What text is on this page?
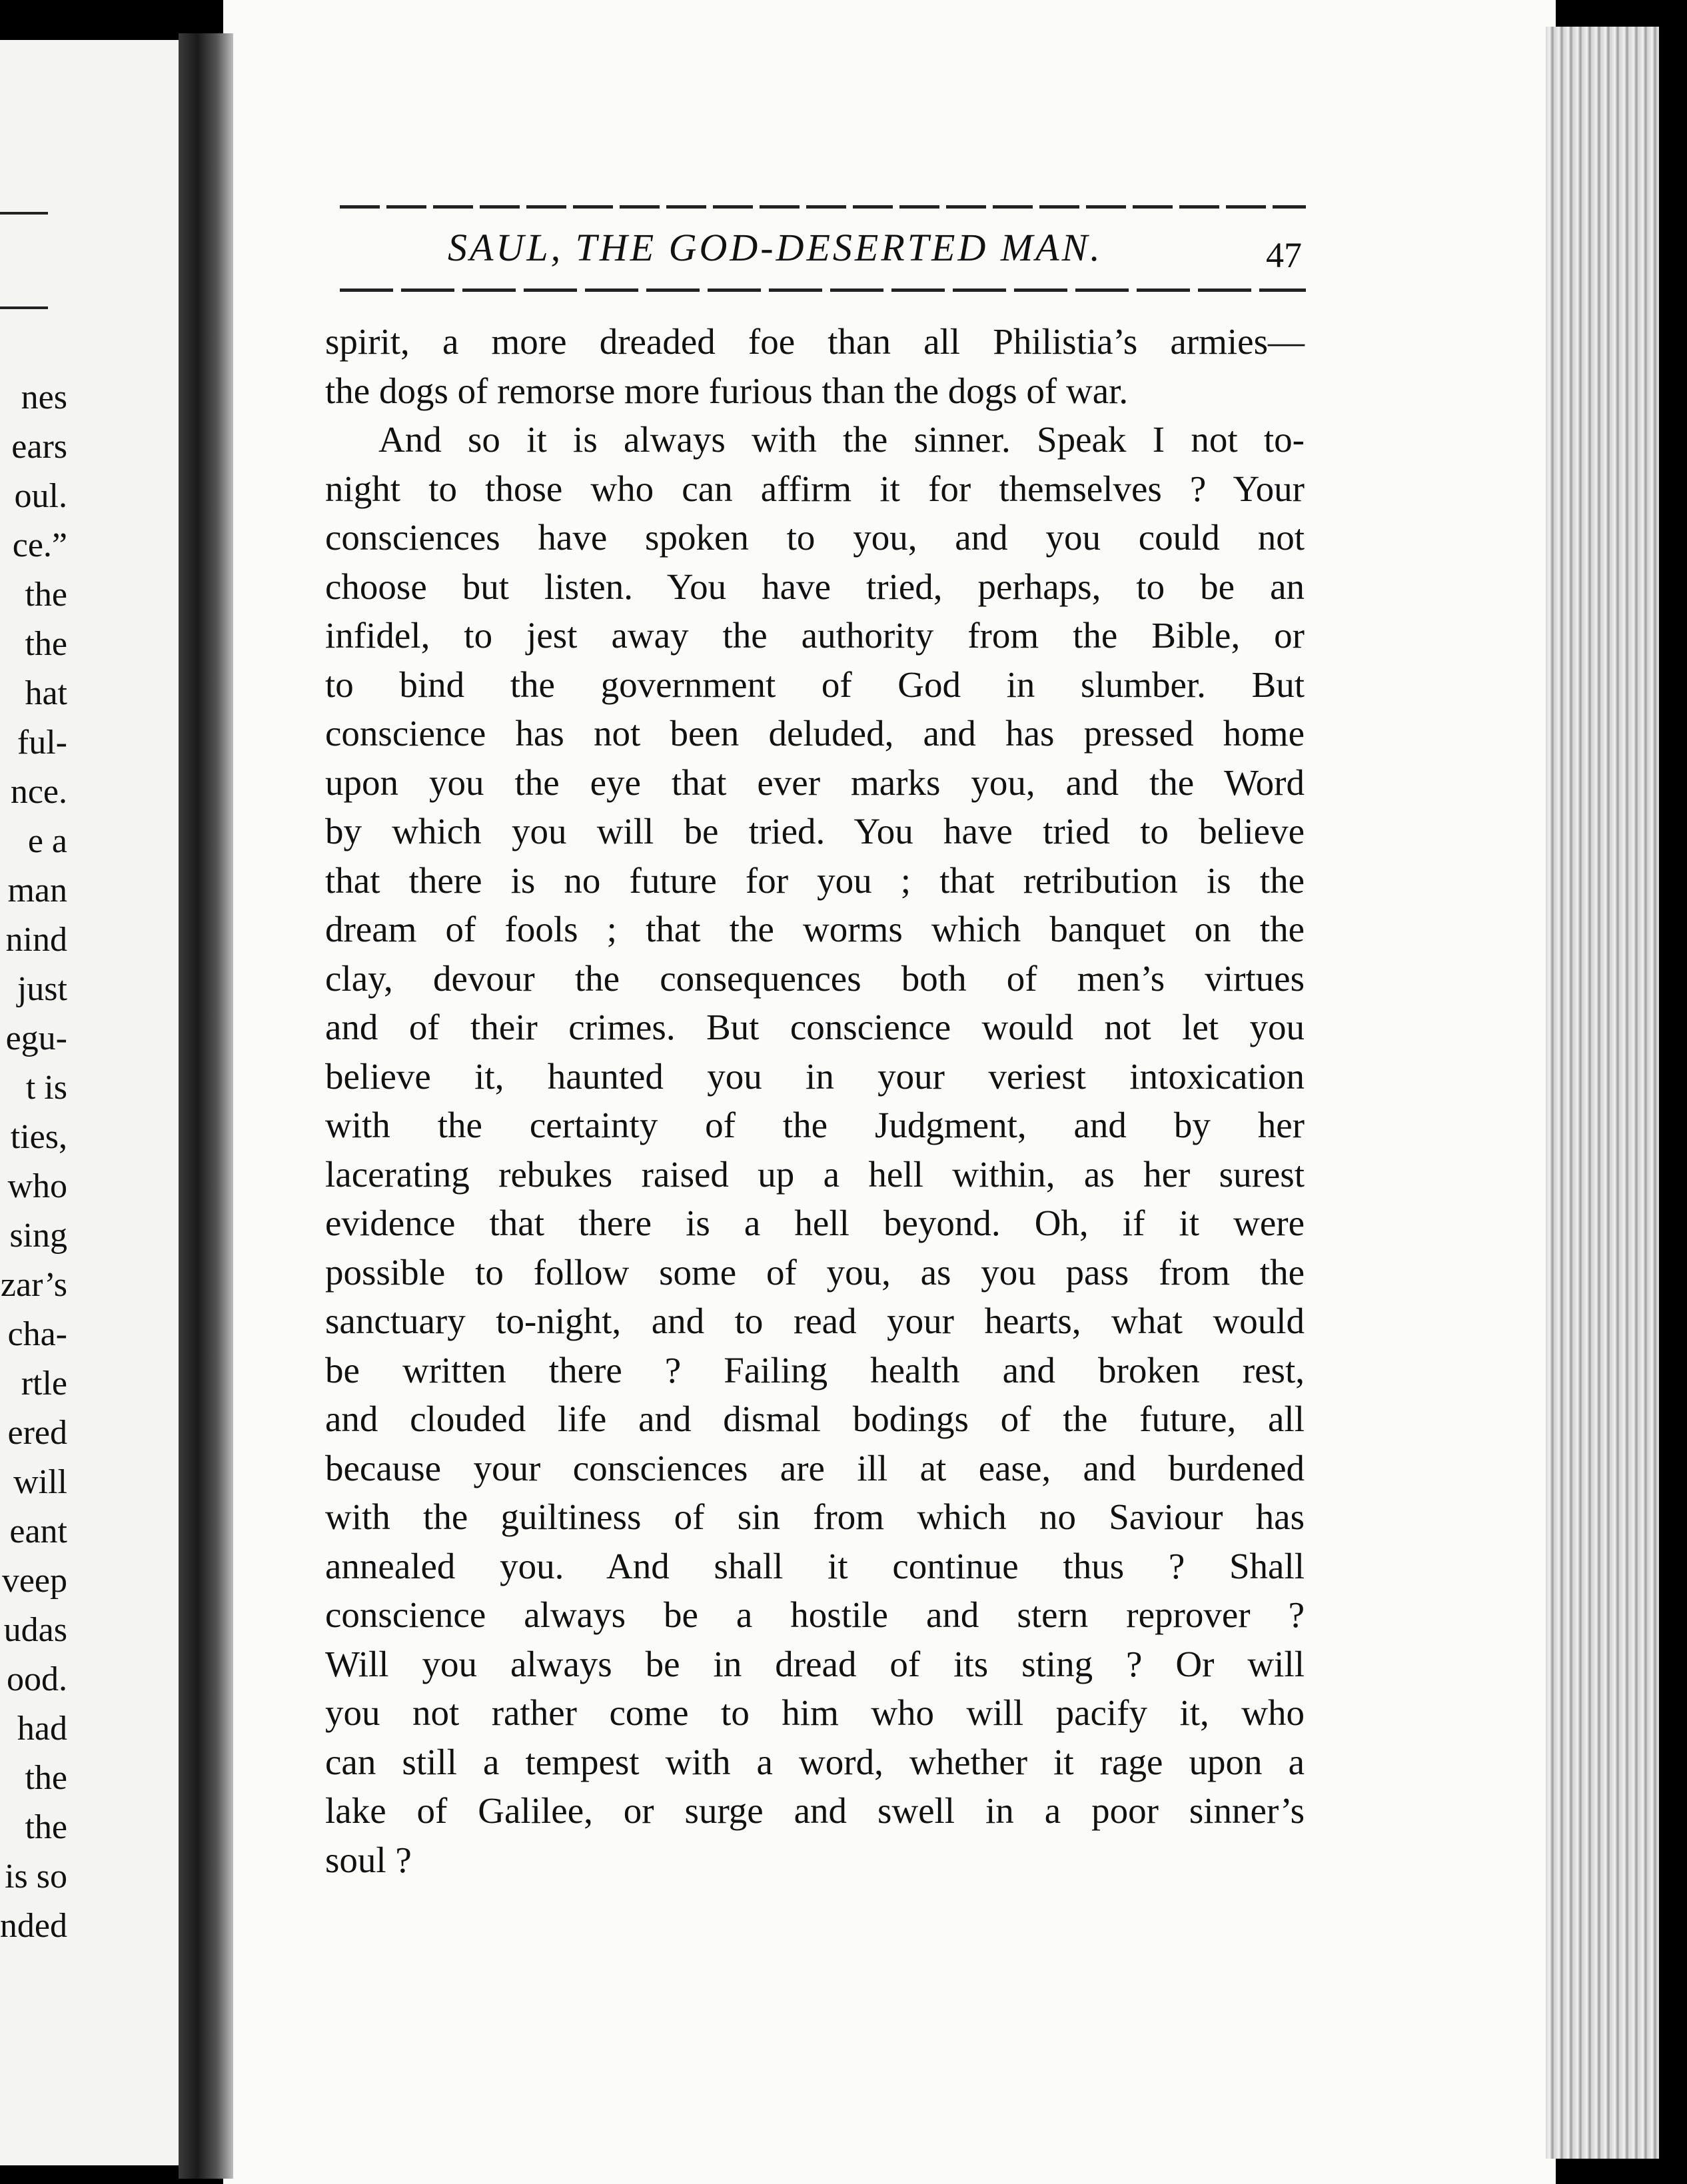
nes
ears
oul.
ce.”
the
the
hat
ful-
nce.
e a
man
nind
just
egu-
t is
ties,
who
sing
zar’s
cha-
rtle
ered
will
eant
veep
udas
ood.
had
the
the
is so
nded
SAUL, THE GOD-DESERTED MAN.	47
spirit, a more dreaded foe than all Philistia’s armies—
the dogs of remorse more furious than the dogs of war.
And so it is always with the sinner. Speak I not to-
night to those who can affirm it for themselves ? Your
consciences have spoken to you, and you could not
choose but listen. You have tried, perhaps, to be an
infidel, to jest away the authority from the Bible, or
to bind the government of God in slumber. But
conscience has not been deluded, and has pressed home
upon you the eye that ever marks you, and the Word
by which you will be tried. You have tried to believe
that there is no future for you ; that retribution is the
dream of fools ; that the worms which banquet on the
clay, devour the consequences both of men’s virtues
and of their crimes. But conscience would not let you
believe it, haunted you in your veriest intoxication
with the certainty of the Judgment, and by her
lacerating rebukes raised up a hell within, as her surest
evidence that there is a hell beyond. Oh, if it were
possible to follow some of you, as you pass from the
sanctuary to-night, and to read your hearts, what would
be written there ? Failing health and broken rest,
and clouded life and dismal bodings of the future, all
because your consciences are ill at ease, and burdened
with the guiltiness of sin from which no Saviour has
annealed you. And shall it continue thus ? Shall
conscience always be a hostile and stern reprover ?
Will you always be in dread of its sting ? Or will
you not rather come to him who will pacify it, who
can still a tempest with a word, whether it rage upon a
lake of Galilee, or surge and swell in a poor sinner’s
soul ?
